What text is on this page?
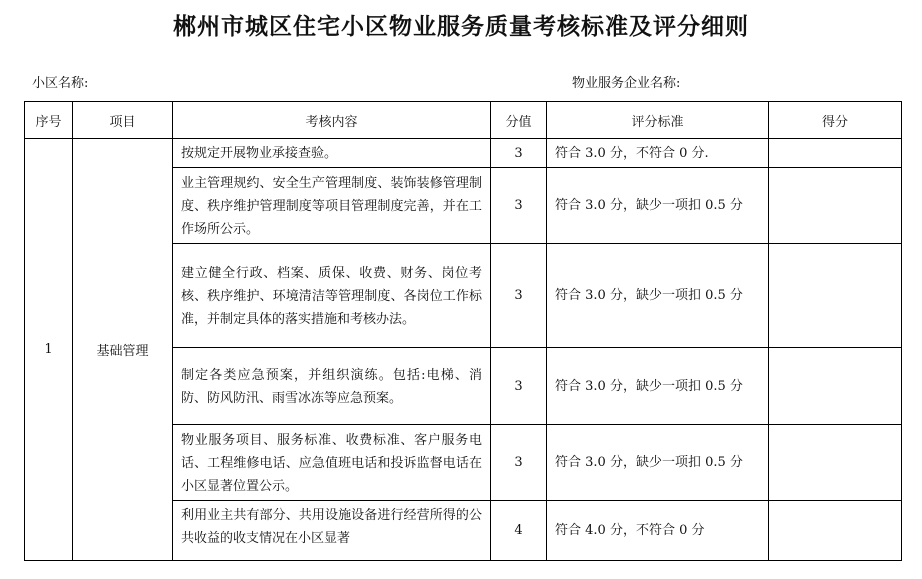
郴州市城区住宅小区物业服务质量考核标准及评分细则
小区名称:	物业服务企业名称:
序号	项目	考核内容	分值	评分标准	得分
1	基础管理	按规定开展物业承接查验。	3	符合 3.0 分，不符合 0 分.	
		业主管理规约、安全生产管理制度、装饰装修管理制度、秩序维护管理制度等项目管理制度完善，并在工作场所公示。	3	符合 3.0 分，缺少一项扣 0.5 分	
		建立健全行政、档案、质保、收费、财务、岗位考核、秩序维护、环境清洁等管理制度、各岗位工作标准，并制定具体的落实措施和考核办法。	3	符合 3.0 分，缺少一项扣 0.5 分	
		制定各类应急预案，并组织演练。包括:电梯、消防、防风防汛、雨雪冰冻等应急预案。	3	符合 3.0 分，缺少一项扣 0.5 分	
		物业服务项目、服务标准、收费标准、客户服务电话、工程维修电话、应急值班电话和投诉监督电话在小区显著位置公示。	3	符合 3.0 分，缺少一项扣 0.5 分	

		利用业主共有部分、共用设施设备进行经营所得的公共收益的收支情况在小区显著	4	符合 4.0 分，不符合 0 分	
